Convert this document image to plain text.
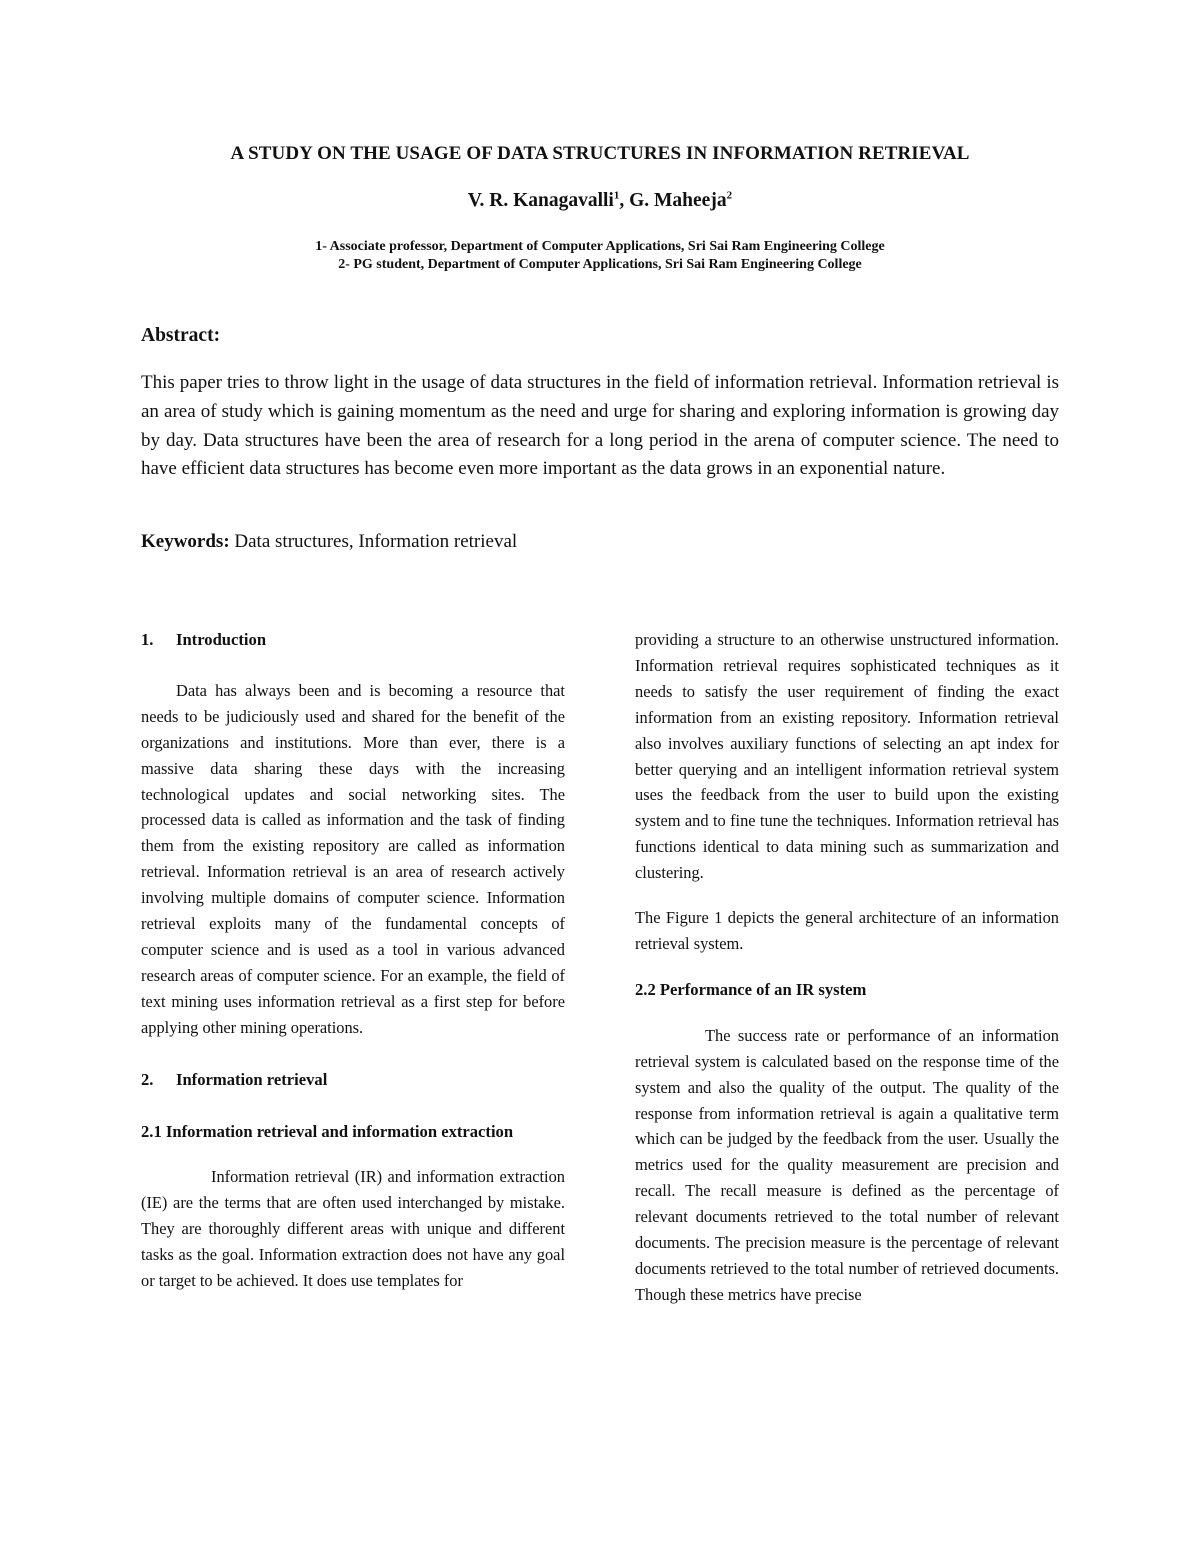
A STUDY ON THE USAGE OF DATA STRUCTURES IN INFORMATION RETRIEVAL
V. R. Kanagavalli$^1$, G. Maheeja$^2$
1- Associate professor, Department of Computer Applications, Sri Sai Ram Engineering College
2- PG student, Department of Computer Applications, Sri Sai Ram Engineering College
Abstract:

This paper tries to throw light in the usage of data structures in the field of information retrieval. Information retrieval is an area of study which is gaining momentum as the need and urge for sharing and exploring information is growing day by day. Data structures have been the area of research for a long period in the arena of computer science. The need to have efficient data structures has become even more important as the data grows in an exponential nature.

Keywords: Data structures, Information retrieval

1. Introduction

Data has always been and is becoming a resource that needs to be judiciously used and shared for the benefit of the organizations and institutions. More than ever, there is a massive data sharing these days with the increasing technological updates and social networking sites. The processed data is called as information and the task of finding them from the existing repository are called as information retrieval. Information retrieval is an area of research actively involving multiple domains of computer science. Information retrieval exploits many of the fundamental concepts of computer science and is used as a tool in various advanced research areas of computer science. For an example, the field of text mining uses information retrieval as a first step for before applying other mining operations.

2. Information retrieval

2.1 Information retrieval and information extraction

Information retrieval (IR) and information extraction (IE) are the terms that are often used interchanged by mistake. They are thoroughly different areas with unique and different tasks as the goal. Information extraction does not have any goal or target to be achieved. It does use templates for

providing a structure to an otherwise unstructured information. Information retrieval requires sophisticated techniques as it needs to satisfy the user requirement of finding the exact information from an existing repository. Information retrieval also involves auxiliary functions of selecting an apt index for better querying and an intelligent information retrieval system uses the feedback from the user to build upon the existing system and to fine tune the techniques. Information retrieval has functions identical to data mining such as summarization and clustering.

The Figure 1 depicts the general architecture of an information retrieval system.

2.2 Performance of an IR system

The success rate or performance of an information retrieval system is calculated based on the response time of the system and also the quality of the output. The quality of the response from information retrieval is again a qualitative term which can be judged by the feedback from the user. Usually the metrics used for the quality measurement are precision and recall. The recall measure is defined as the percentage of relevant documents retrieved to the total number of relevant documents. The precision measure is the percentage of relevant documents retrieved to the total number of retrieved documents. Though these metrics have precise
